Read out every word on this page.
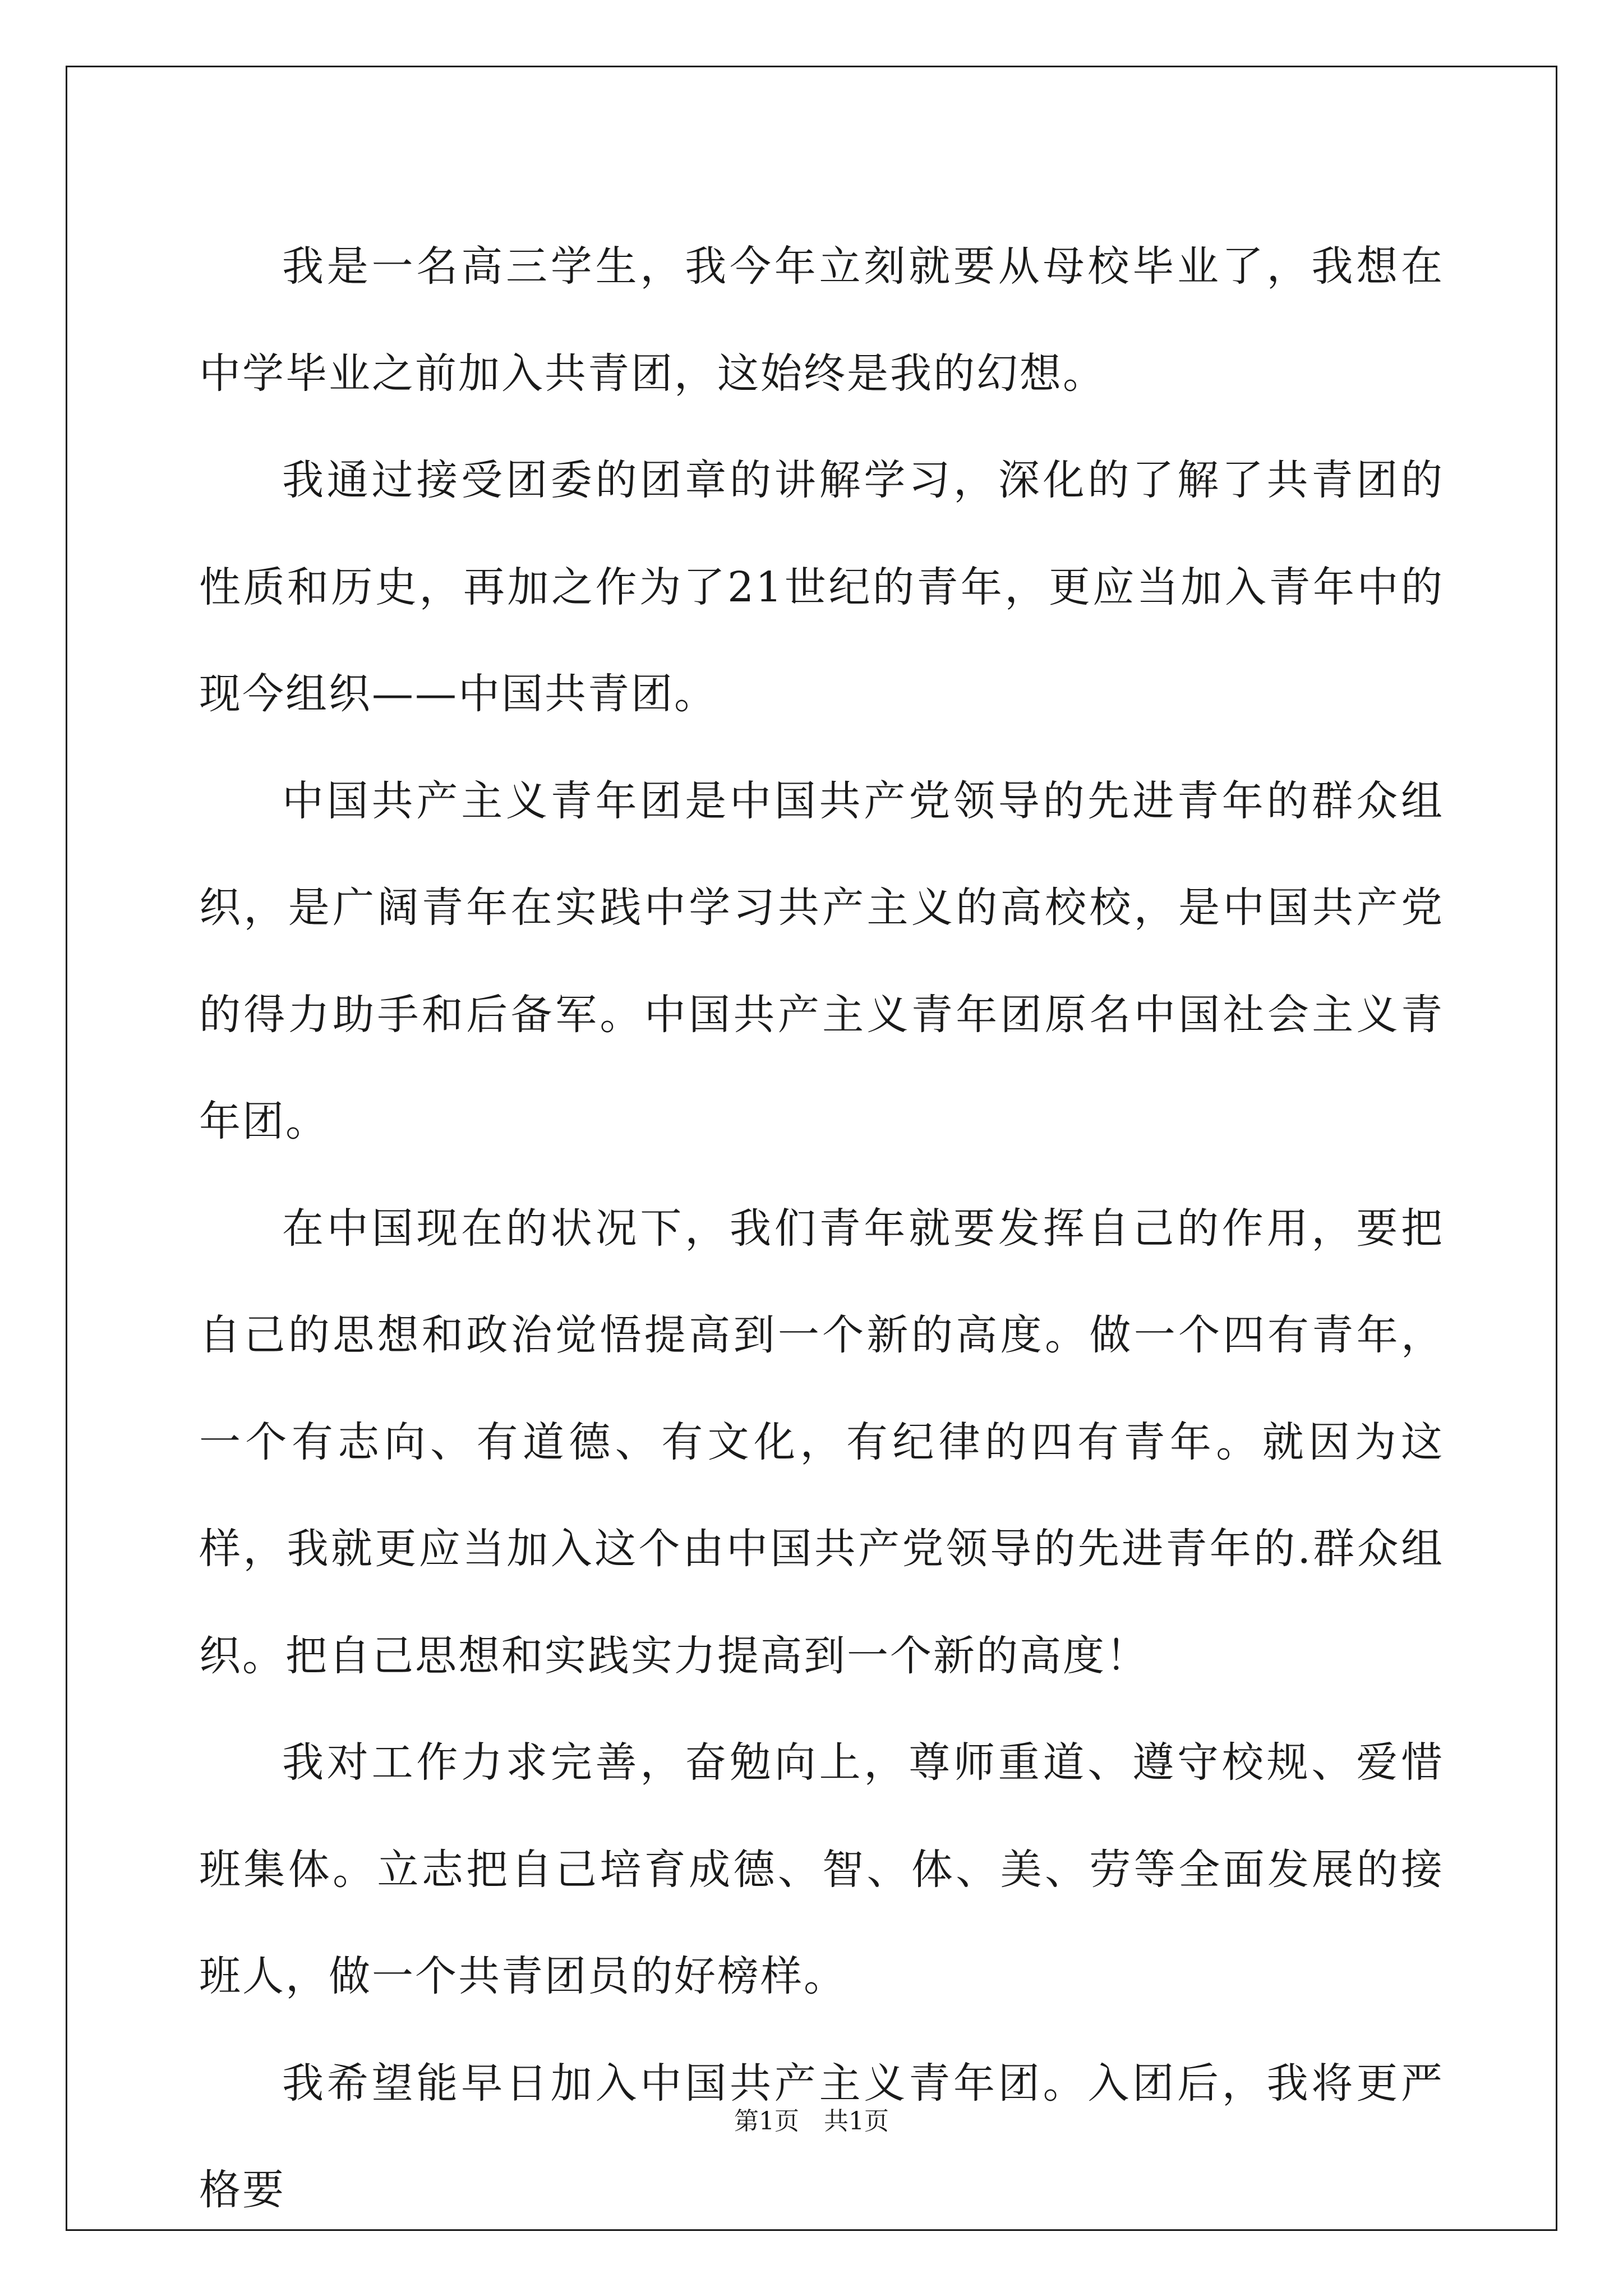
我是一名高三学生，我今年立刻就要从母校毕业了，我想在中学毕业之前加入共青团，这始终是我的幻想。

我通过接受团委的团章的讲解学习，深化的了解了共青团的性质和历史，再加之作为了21世纪的青年，更应当加入青年中的现今组织——中国共青团。

中国共产主义青年团是中国共产党领导的先进青年的群众组织，是广阔青年在实践中学习共产主义的高校校，是中国共产党的得力助手和后备军。中国共产主义青年团原名中国社会主义青年团。

在中国现在的状况下，我们青年就要发挥自己的作用，要把自己的思想和政治觉悟提高到一个新的高度。做一个四有青年，一个有志向、有道德、有文化，有纪律的四有青年。就因为这样，我就更应当加入这个由中国共产党领导的先进青年的.群众组织。把自己思想和实践实力提高到一个新的高度！

我对工作力求完善，奋勉向上，尊师重道、遵守校规、爱惜班集体。立志把自己培育成德、智、体、美、劳等全面发展的接班人，做一个共青团员的好榜样。

我希望能早日加入中国共产主义青年团。入团后，我将更严格要

第1页　共1页
